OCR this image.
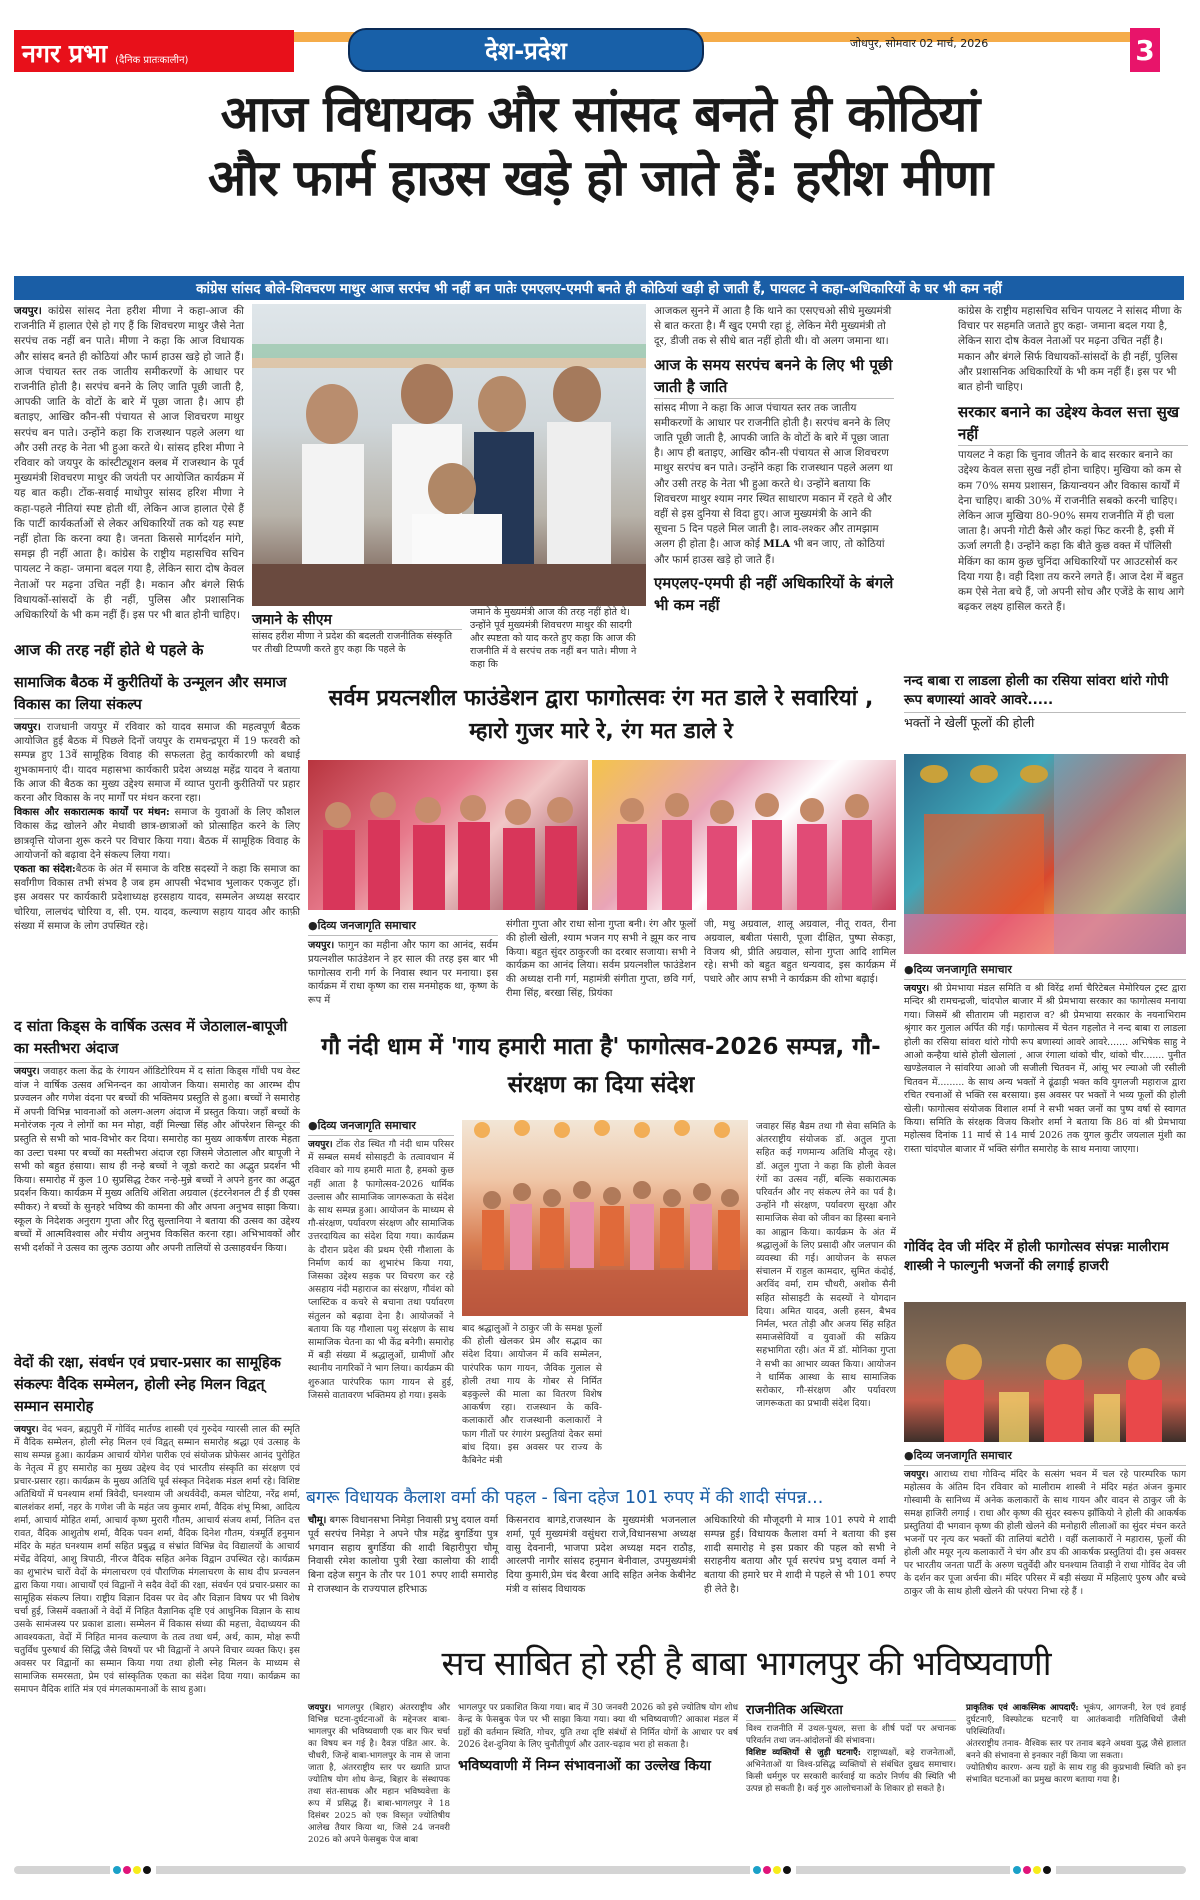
नगर प्रभा (दैनिक प्रातःकालीन)	देश-प्रदेश	जोधपुर, सोमवार 02 मार्च, 2026	3
आज विधायक और सांसद बनते ही कोठियां
और फार्म हाउस खड़े हो जाते हैं: हरीश मीणा
कांग्रेस सांसद बोले-शिवचरण माथुर आज सरपंच भी नहीं बन पातेः एमएलए-एमपी बनते ही कोठियां खड़ी हो जाती हैं, पायलट ने कहा-अधिकारियों के घर भी कम नहीं
जयपुर। कांग्रेस सांसद नेता हरीश मीणा ने कहा-आज की राजनीति में हालात ऐसे हो गए हैं कि शिवचरण माथुर जैसे नेता सरपंच तक नहीं बन पाते। मीणा ने कहा कि आज विधायक और सांसद बनते ही कोठियां और फार्म हाउस खड़े हो जाते हैं। आज पंचायत स्तर तक जातीय समीकरणों के आधार पर राजनीति होती है। सरपंच बनने के लिए जाति पूछी जाती है, आपकी जाति के वोटों के बारे में पूछा जाता है। आप ही बताइए, आखिर कौन-सी पंचायत से आज शिवचरण माथुर सरपंच बन पाते। उन्होंने कहा कि राजस्थान पहले अलग था और उसी तरह के नेता भी हुआ करते थे। सांसद हरिश मीणा ने रविवार को जयपुर के कांस्टीट्यूशन क्लब में राजस्थान के पूर्व मुख्यमंत्री शिवचरण माथुर की जयंती पर आयोजित कार्यक्रम में यह बात कही। टोंक-सवाई माधोपुर सांसद हरिश मीणा ने कहा-पहले नीतियां स्पष्ट होती थीं, लेकिन आज हालात ऐसे हैं कि पार्टी कार्यकर्ताओं से लेकर अधिकारियों तक को यह स्पष्ट नहीं होता कि करना क्या है। जनता किससे मार्गदर्शन मांगे, समझ ही नहीं आता है। कांग्रेस के राष्ट्रीय महासचिव सचिन पायलट ने कहा- जमाना बदल गया है, लेकिन सारा दोष केवल नेताओं पर मढ़ना उचित नहीं है। मकान और बंगले सिर्फ विधायकों-सांसदों के ही नहीं, पुलिस और प्रशासनिक अधिकारियों के भी कम नहीं हैं। इस पर भी बात होनी चाहिए।
आज की तरह नहीं होते थे पहले के
जमाने के सीएम
सांसद हरीश मीणा ने प्रदेश की बदलती राजनीतिक संस्कृति पर तीखी टिप्पणी करते हुए कहा कि पहले के
जमाने के मुख्यमंत्री आज की तरह नहीं होते थे। उन्होंने पूर्व मुख्यमंत्री शिवचरण माथुर की सादगी और स्पष्टता को याद करते हुए कहा कि आज की राजनीति में वे सरपंच तक नहीं बन पाते। मीणा ने कहा कि
आजकल सुनने में आता है कि थाने का एसएचओ सीधे मुख्यमंत्री से बात करता है। मैं खुद एमपी रहा हूं, लेकिन मेरी मुख्यमंत्री तो दूर, डीजी तक से सीधे बात नहीं होती थी। वो अलग जमाना था।
आज के समय सरपंच बनने के लिए भी पूछी जाती है जाति
सांसद मीणा ने कहा कि आज पंचायत स्तर तक जातीय समीकरणों के आधार पर राजनीति होती है। सरपंच बनने के लिए जाति पूछी जाती है, आपकी जाति के वोटों के बारे में पूछा जाता है। आप ही बताइए, आखिर कौन-सी पंचायत से आज शिवचरण माथुर सरपंच बन पाते। उन्होंने कहा कि राजस्थान पहले अलग था और उसी तरह के नेता भी हुआ करते थे। उन्होंने बताया कि शिवचरण माथुर श्याम नगर स्थित साधारण मकान में रहते थे और वहीं से इस दुनिया से विदा हुए। आज मुख्यमंत्री के आने की सूचना 5 दिन पहले मिल जाती है। लाव-लश्कर और तामझाम अलग ही होता है। आज कोई MLA भी बन जाए, तो कोठियां और फार्म हाउस खड़े हो जाते हैं।
एमएलए-एमपी ही नहीं अधिकारियों के बंगले भी कम नहीं
कांग्रेस के राष्ट्रीय महासचिव सचिन पायलट ने सांसद मीणा के विचार पर सहमति जताते हुए कहा- जमाना बदल गया है, लेकिन सारा दोष केवल नेताओं पर मढ़ना उचित नहीं है। मकान और बंगले सिर्फ विधायकों-सांसदों के ही नहीं, पुलिस और प्रशासनिक अधिकारियों के भी कम नहीं हैं। इस पर भी बात होनी चाहिए।
सरकार बनाने का उद्देश्य केवल सत्ता सुख नहीं
पायलट ने कहा कि चुनाव जीतने के बाद सरकार बनाने का उद्देश्य केवल सत्ता सुख नहीं होना चाहिए। मुखिया को कम से कम 70% समय प्रशासन, क्रियान्वयन और विकास कार्यों में देना चाहिए। बाकी 30% में राजनीति सबको करनी चाहिए। लेकिन आज मुखिया 80-90% समय राजनीति में ही चला जाता है। अपनी गोटी कैसे और कहां फिट करनी है, इसी में ऊर्जा लगती है। उन्होंने कहा कि बीते कुछ वक्त में पॉलिसी मेकिंग का काम कुछ चुनिंदा अधिकारियों पर आउटसोर्स कर दिया गया है। वही दिशा तय करने लगते हैं। आज देश में बहुत कम ऐसे नेता बचे हैं, जो अपनी सोच और एजेंडे के साथ आगे बढ़कर लक्ष्य हासिल करते हैं।
सामाजिक बैठक में कुरीतियों के उन्मूलन और समाज विकास का लिया संकल्प
जयपुर। राजधानी जयपुर में रविवार को यादव समाज की महत्वपूर्ण बैठक आयोजित हुई बैठक में पिछले दिनों जयपुर के रामचन्द्रपूरा में 19 फरवरी को सम्पन्न हुए 13वें सामूहिक विवाह की सफलता हेतु कार्यकारणी को बधाई शुभकामनाएं दी। यादव महासभा कार्यकारी प्रदेश अध्यक्ष महेंद्र यादव ने बताया कि आज की बैठक का मुख्य उद्देश्य समाज में व्याप्त पुरानी कुरीतियों पर प्रहार करना और विकास के नए मार्गों पर मंथन करना रहा।
विकास और सकारात्मक कार्यों पर मंथन: समाज के युवाओं के लिए कौशल विकास केंद्र खोलने और मेधावी छात्र-छात्राओं को प्रोत्साहित करने के लिए छात्रवृत्ति योजना शुरू करने पर विचार किया गया। बैठक में सामूहिक विवाह के आयोजनों को बढ़ावा देने संकल्प लिया गया।
एकता का संदेश:बैठक के अंत में समाज के वरिष्ठ सदस्यों ने कहा कि समाज का सर्वांगीण विकास तभी संभव है जब हम आपसी भेदभाव भुलाकर एकजुट हों। इस अवसर पर कार्यकारी प्रदेशाध्यक्ष हरसहाय यादव, सम्मलेन अध्यक्ष सरदार चोरिया, लालचंद चोरिया व, सी. एम. यादव, कल्याण सहाय यादव और काफ़ी संख्या में समाज के लोग उपस्थित रहे।
द सांता किड्स के वार्षिक उत्सव में जेठालाल-बापूजी का मस्तीभरा अंदाज
जयपुर। जवाहर कला केंद्र के रंगायन ऑडिटोरियम में द सांता किड्स गाँधी पथ वेस्ट वांज ने वार्षिक उत्सव अभिनन्दन का आयोजन किया। समारोह का आरम्भ दीप प्रज्वलन और गणेश वंदना पर बच्चों की भक्तिमय प्रस्तुति से हुआ। बच्चों ने समारोह में अपनी विभिन्न भावनाओं को अलग-अलग अंदाज में प्रस्तुत किया। जहाँ बच्चों के मनोरंजक नृत्य ने लोगों का मन मोहा, वहीं मिल्खा सिंह और ऑपरेशन सिन्दूर की प्रस्तुति से सभी को भाव-विभोर कर दिया। समारोह का मुख्य आकर्षण तारक मेहता का उल्टा चश्मा पर बच्चों का मस्तीभरा अंदाज रहा जिसमे जेठालाल और बापूजी ने सभी को बहुत हंसाया। साथ ही नन्हे बच्चों ने जूडो कराटे का अद्भुत प्रदर्शन भी किया। समारोह में कुल 10 सुप्रसिद्ध टेकर नन्हे-मुन्ने बच्चों ने अपने हुनर का अद्भुत प्रदर्शन किया। कार्यक्रम में मुख्य अतिथि अंशिता अग्रवाल (इंटरनेशनल टी ई डी एक्स स्पीकर) ने बच्चों के सुनहरे भविष्य की कामना की और अपना अनुभव साझा किया। स्कूल के निदेशक अनुराग गुप्ता और रितु सुल्तानिया ने बताया की उत्सव का उद्देश्य बच्चों में आत्मविश्वास और मंचीय अनुभव विकसित करना रहा। अभिभावकों और सभी दर्शकों ने उत्सव का लुत्फ उठाया और अपनी तालियों से उत्साहवर्धन किया।
वेदों की रक्षा, संवर्धन एवं प्रचार-प्रसार का सामूहिक संकल्पः वैदिक सम्मेलन, होली स्नेह मिलन विद्वत् सम्मान समारोह
जयपुर। वेद भवन, ब्रह्मपुरी में गोविंद मार्तण्ड शास्त्री एवं गुरुदेव ग्यारसी लाल की स्मृति में वैदिक सम्मेलन, होली स्नेह मिलन एवं विद्वत् सम्मान समारोह श्रद्धा एवं उत्साह के साथ सम्पन्न हुआ। कार्यक्रम आचार्य योगेश पारीक एवं संयोजक प्रोफेसर आनंद पुरोहित के नेतृत्व में हुए समारोह का मुख्य उद्देश्य वेद एवं भारतीय संस्कृति का संरक्षण एवं प्रचार-प्रसार रहा। कार्यक्रम के मुख्य अतिथि पूर्व संस्कृत निदेशक मंडल शर्मा रहे। विशिष्ट अतिथियों में घनश्याम शर्मा त्रिवेदी, घनश्याम जी अथर्ववेदी, कमल चोटिया, नरेंद्र शर्मा, बालशंकर शर्मा, नहर के गणेश जी के महंत जय कुमार शर्मा, वैदिक शंभू मिश्रा, आदित्य शर्मा, आचार्य मोहित शर्मा, आचार्य कृष्ण मुरारी गौतम, आचार्य संजय शर्मा, नितिन दत्त रावत, वैदिक आशुतोष शर्मा, वैदिक पवन शर्मा, वैदिक दिनेश गौतम, यंत्रमूर्ति हनुमान मंदिर के महंत घनश्याम शर्मा सहित प्रबुद्ध व संभ्रांत विभिन्न वेद विद्यालयों के आचार्य मंचेंद्र वेदियां, आशु त्रिपाठी, नीरज वैदिक सहित अनेक विद्वान उपस्थित रहे। कार्यक्रम का शुभारंभ चारों वेदों के मंगलाचरण एवं पौराणिक मंगलाचरण के साथ दीप प्रज्वलन द्वारा किया गया। आचार्यों एवं विद्वानों ने सदैव वेदों की रक्षा, संवर्धन एवं प्रचार-प्रसार का सामूहिक संकल्प लिया। राष्ट्रीय विज्ञान दिवस पर वेद और विज्ञान विषय पर भी विशेष चर्चा हुई, जिसमें वक्ताओं ने वेदों में निहित वैज्ञानिक दृष्टि एवं आधुनिक विज्ञान के साथ उसके सामंजस्य पर प्रकाश डाला। सम्मेलन में विकास संध्या की महत्ता, वेदाध्ययन की आवश्यकता, वेदों में निहित मानव कल्याण के तत्व तथा धर्म, अर्थ, काम, मोक्ष रूपी चतुर्विध पुरुषार्थ की सिद्धि जैसे विषयों पर भी विद्वानों ने अपने विचार व्यक्त किए। इस अवसर पर विद्वानों का सम्मान किया गया तथा होली स्नेह मिलन के माध्यम से सामाजिक समरसता, प्रेम एवं सांस्कृतिक एकता का संदेश दिया गया। कार्यक्रम का समापन वैदिक शांति मंत्र एवं मंगलकामनाओं के साथ हुआ।
सर्वम प्रयत्नशील फाउंडेशन द्वारा फागोत्सवः रंग मत डाले रे सवारियां , म्हारो गुजर मारे रे, रंग मत डाले रे
● दिव्य जनजागृति समाचार
जयपुर। फागुन का महीना और फाग का आनंद, सर्वम प्रयत्नशील फाउंडेशन ने हर साल की तरह इस बार भी फागोत्सव रानी गर्ग के निवास स्थान पर मनाया। इस कार्यक्रम में राधा कृष्ण का रास मनमोहक था, कृष्ण के रूप में
संगीता गुप्ता और राधा सोना गुप्ता बनी। रंग और फूलों की होली खेली, श्याम भजन गए सभी ने झूम कर नाच किया। बहुत सुंदर ठाकुरजी का दरबार सजाया। सभी ने कार्यक्रम का आनंद लिया। सर्वम प्रयत्नशील फाउंडेशन की अध्यक्ष रानी गर्ग, महामंत्री संगीता गुप्ता, छवि गर्ग, रीमा सिंह, बरखा सिंह, प्रियंका
जी, मधु अग्रवाल, शालू अग्रवाल, नीतू रावत, रीना अग्रवाल, बबीता पंसारी, पूजा दीक्षित, पुष्पा सेकड़ा, विजय श्री, प्रीति अग्रवाल, सोना गुप्ता आदि शामिल रहे। सभी को बहुत बहुत धन्यवाद, इस कार्यक्रम में पधारे और आप सभी ने कार्यक्रम की शोभा बढ़ाई।
गौ नंदी धाम में 'गाय हमारी माता है' फागोत्सव-2026 सम्पन्न, गौ-संरक्षण का दिया संदेश
● दिव्य जनजागृति समाचार
जयपुर। टोंक रोड स्थित गौ नंदी धाम परिसर में सम्बल समर्थ सोसाइटी के तत्वावधान में रविवार को गाय हमारी माता है, हमको कुछ नहीं आता है फागोत्सव-2026 धार्मिक उल्लास और सामाजिक जागरूकता के संदेश के साथ सम्पन्न हुआ। आयोजन के माध्यम से गौ-संरक्षण, पर्यावरण संरक्षण और सामाजिक उत्तरदायित्व का संदेश दिया गया। कार्यक्रम के दौरान प्रदेश की प्रथम ऐसी गौशाला के निर्माण कार्य का शुभारंभ किया गया, जिसका उद्देश्य सड़क पर विचरण कर रहे असहाय नंदी महाराज का संरक्षण, गौवंश को प्लास्टिक व कचरे से बचाना तथा पर्यावरण संतुलन को बढ़ावा देना है। आयोजकों ने बताया कि यह गौशाला पशु संरक्षण के साथ सामाजिक चेतना का भी केंद्र बनेगी। समारोह में बड़ी संख्या में श्रद्धालुओं, ग्रामीणों और स्थानीय नागरिकों ने भाग लिया। कार्यक्रम की शुरुआत पारंपरिक फाग गायन से हुई, जिससे वातावरण भक्तिमय हो गया। इसके
बाद श्रद्धालुओं ने ठाकुर जी के समक्ष फूलों की होली खेलकर प्रेम और सद्भाव का संदेश दिया। आयोजन में कवि सम्मेलन, पारंपरिक फाग गायन, जैविक गुलाल से होली तथा गाय के गोबर से निर्मित बड़कुल्ले की माला का वितरण विशेष आकर्षण रहा। राजस्थान के कवि-कलाकारों और राजस्थानी कलाकारों ने फाग गीतों पर रंगारंग प्रस्तुतियां देकर समां बांध दिया। इस अवसर पर राज्य के कैबिनेट मंत्री
जवाहर सिंह बैडम तथा गौ सेवा समिति के अंतरराष्ट्रीय संयोजक डॉ. अतुल गुप्ता सहित कई गणमान्य अतिथि मौजूद रहे। डॉ. अतुल गुप्ता ने कहा कि होली केवल रंगों का उत्सव नहीं, बल्कि सकारात्मक परिवर्तन और नए संकल्प लेने का पर्व है। उन्होंने गौ संरक्षण, पर्यावरण सुरक्षा और सामाजिक सेवा को जीवन का हिस्सा बनाने का आह्वान किया। कार्यक्रम के अंत में श्रद्धालुओं के लिए प्रसादी और जलपान की व्यवस्था की गई। आयोजन के सफल संचालन में राहुल कामदार, सुमित कंदोई, अरविंद वर्मा, राम चौधरी, अशोक सैनी सहित सोसाइटी के सदस्यों ने योगदान दिया। अमित यादव, अली हसन, बैभव निर्मल, भरत तोड़ी और अजय सिंह सहित समाजसेवियों व युवाओं की सक्रिय सहभागिता रही। अंत में डॉ. मोनिका गुप्ता ने सभी का आभार व्यक्त किया। आयोजन ने धार्मिक आस्था के साथ सामाजिक सरोकार, गौ-संरक्षण और पर्यावरण जागरूकता का प्रभावी संदेश दिया।
बगरू विधायक कैलाश वर्मा की पहल - बिना दहेज 101 रुपए में की शादी संपन्न...
चौमू। बगरू विधानसभा निमेड़ा निवासी प्रभु दयाल वर्मा पूर्व सरपंच निमेड़ा ने अपने पौत्र महेंद्र बुगर्डिया पुत्र भगवान सहाय बुगर्डिया की शादी बिहारीपुरा चौमू निवासी रमेश कालोया पुत्री रेखा कालोया की शादी बिना दहेज सगुन के तौर पर 101 रुपए शादी समारोह मे राजस्थान के राज्यपाल हरिभाऊ
किसनराव बागडे,राजस्थान के मुख्यमंत्री भजनलाल शर्मा, पूर्व मुख्यमंत्री वसुंधरा राजे,विधानसभा अध्यक्ष वासु देवनानी, भाजपा प्रदेश अध्यक्ष मदन राठौड़, आरलपी नागौर सांसद हनुमान बेनीवाल, उपमुख्यमंत्री दिया कुमारी,प्रेम चंद बैरवा आदि सहित अनेक केबीनेट मंत्री व सांसद विधायक
अधिकारियो की मौजूदगी मे मात्र 101 रुपये मे शादी सम्पन्न हुई। विधायक कैलाश वर्मा ने बताया की इस शादी समारोह मे इस प्रकार की पहल को सभी ने सराहनीय बताया और पूर्व सरपंच प्रभु दयाल वर्मा ने बताया की हमारे घर मे शादी मे पहले से भी 101 रुपए ही लेते है।
नन्द बाबा रा लाडला होली का रसिया सांवरा थांरो गोपी रूप बणास्यां आवरे आवरे.....
भक्तों ने खेलीं फूलों की होली
● दिव्य जनजागृति समाचार
जयपुर। श्री प्रेमभाया मंडल समिति व श्री विरेंद्र शर्मा चैरिटेबल मेमोरियल ट्रस्ट द्वारा मन्दिर श्री रामचन्द्रजी, चांदपोल बाजार में श्री प्रेमभाया सरकार का फागोत्सव मनाया गया। जिसमें श्री सीताराम जी महाराज व? श्री प्रेमभाया सरकार के नयनाभिराम श्रृंगार कर गुलाल अर्पित की गई। फागोत्सव में चेतन गहलोत ने नन्द बाबा रा लाडला होली का रसिया सांवरा थांरो गोपी रूप बणास्यां आवरे आवरे....... अभिषेक साहु ने आओ कन्हैया थांसे होली खेलालां , आज रंगाला थांको चीर, थांको चीर....... पुनीत खण्डेलवाल ने सांवरिया आओ जी सजीली चितवन में, आंसू भर ल्याओ जी रसीली चितवन में......... के साथ अन्य भक्तों ने ढूंढाड़ी भक्त कवि युगलजी महाराज द्वारा रचित रचनाओं से भक्ति रस बरसाया। इस अवसर पर भक्तों ने भव्य फूलों की होली खेली। फागोत्सव संयोजक विशाल शर्मा ने सभी भक्त जनों का पुष्प वर्षा से स्वागत किया। समिति के संरक्षक विजय किशोर शर्मा ने बताया कि 86 वां श्री प्रेमभाया महोत्सव दिनांक 11 मार्च से 14 मार्च 2026 तक युगल कुटीर जयलाल मुंशी का रास्ता चांदपोल बाजार में भक्ति संगीत समारोह के साथ मनाया जाएगा।
गोविंद देव जी मंदिर में होली फागोत्सव संपन्नः मालीराम शास्त्री ने फाल्गुनी भजनों की लगाई हाजरी
● दिव्य जनजागृति समाचार
जयपुर। आराध्य राधा गोविन्द मंदिर के सत्संग भवन में चल रहे पारम्परिक फाग महोत्सव के अंतिम दिन रविवार को मालीराम शास्त्री ने मंदिर महंत अंजन कुमार गोस्वामी के सानिध्य में अनेक कलाकारों के साथ गायन और वादन से ठाकुर जी के समक्ष हाजिरी लगाई । राधा और कृष्ण की सुंदर स्वरूप झाँकियो ने होली की आकर्षक प्रस्तुतियां दी भगवान कृष्ण की होली खेलने की मनोहारी लीलाओं का सुंदर मंचन करते भजनों पर नृत्य कर भक्तों की तालियां बटोरी । वहीं कलाकारों ने महारास, फूलों की होली और मयूर नृत्य कलाकारों ने चंग और डप की आकर्षक प्रस्तुतियां दी। इस अवसर पर भारतीय जनता पार्टी के अरुण चतुर्वेदी और घनश्याम तिवाड़ी ने राधा गोविंद देव जी के दर्शन कर पूजा अर्चना की। मंदिर परिसर में बड़ी संख्या में महिलाएं पुरुष और बच्चे ठाकुर जी के साथ होली खेलने की परंपरा निभा रहे हैं ।
सच साबित हो रही है बाबा भागलपुर की भविष्यवाणी
जयपुर। भागलपुर (बिहार) अंतरराष्ट्रीय और विभिन्न घटना-दुर्घटनाओं के मद्देनजर बाबा-भागलपुर की भविष्यवाणी एक बार फिर चर्चा का विषय बन गई है। दैवज्ञ पंडित आर. के. चौधरी, जिन्हें बाबा-भागलपुर के नाम से जाना जाता है, अंतरराष्ट्रीय स्तर पर ख्याति प्राप्त ज्योतिष योग शोध केन्द्र, बिहार के संस्थापक तथा संत-साधक और महान भविष्यवेत्ता के रूप में प्रसिद्ध हैं। बाबा-भागलपुर ने 18 दिसंबर 2025 को एक विस्तृत ज्योतिषीय आलेख तैयार किया था, जिसे 24 जनवरी 2026 को अपने फेसबुक पेज बाबा
भागलपुर पर प्रकाशित किया गया। बाद में 30 जनवरी 2026 को इसे ज्योतिष योग शोध केन्द्र के फेसबुक पेज पर भी साझा किया गया। क्या थी भविष्यवाणी? आकाश मंडल में ग्रहों की वर्तमान स्थिति, गोचर, युति तथा दृष्टि संबंधों से निर्मित योगों के आधार पर वर्ष 2026 देश-दुनिया के लिए चुनौतीपूर्ण और उतार-चढ़ाव भरा हो सकता है।
भविष्यवाणी में निम्न संभावनाओं का उल्लेख किया
राजनीतिक अस्थिरता
विश्व राजनीति में उथल-पुथल, सत्ता के शीर्ष पदों पर अचानक परिवर्तन तथा जन-आंदोलनों की संभावना।
विशिष्ट व्यक्तियों से जुड़ी घटनाएँ: राष्ट्राध्यक्षों, बड़े राजनेताओं, अभिनेताओं या विश्व-प्रसिद्ध व्यक्तियों से संबंधित दुखद समाचार। किसी धर्मगुरु पर सरकारी कार्रवाई या कठोर निर्णय की स्थिति भी उत्पन्न हो सकती है। कई गुरु आलोचनाओं के शिकार हो सकते है।
प्राकृतिक एवं आकस्मिक आपदाएँ: भूकंप, आगजनी, रेल एवं हवाई दुर्घटनाएँ, विस्फोटक घटनाएँ या आतंकवादी गतिविधियों जैसी परिस्थितियाँ।
अंतरराष्ट्रीय तनाव- वैश्विक स्तर पर तनाव बढ़ने अथवा युद्ध जैसे हालात बनने की संभावना से इनकार नहीं किया जा सकता।
ज्योतिषीय कारण- अन्य ग्रहों के साथ राहु की कुप्रभावी स्थिति को इन संभावित घटनाओं का प्रमुख कारण बताया गया है।
